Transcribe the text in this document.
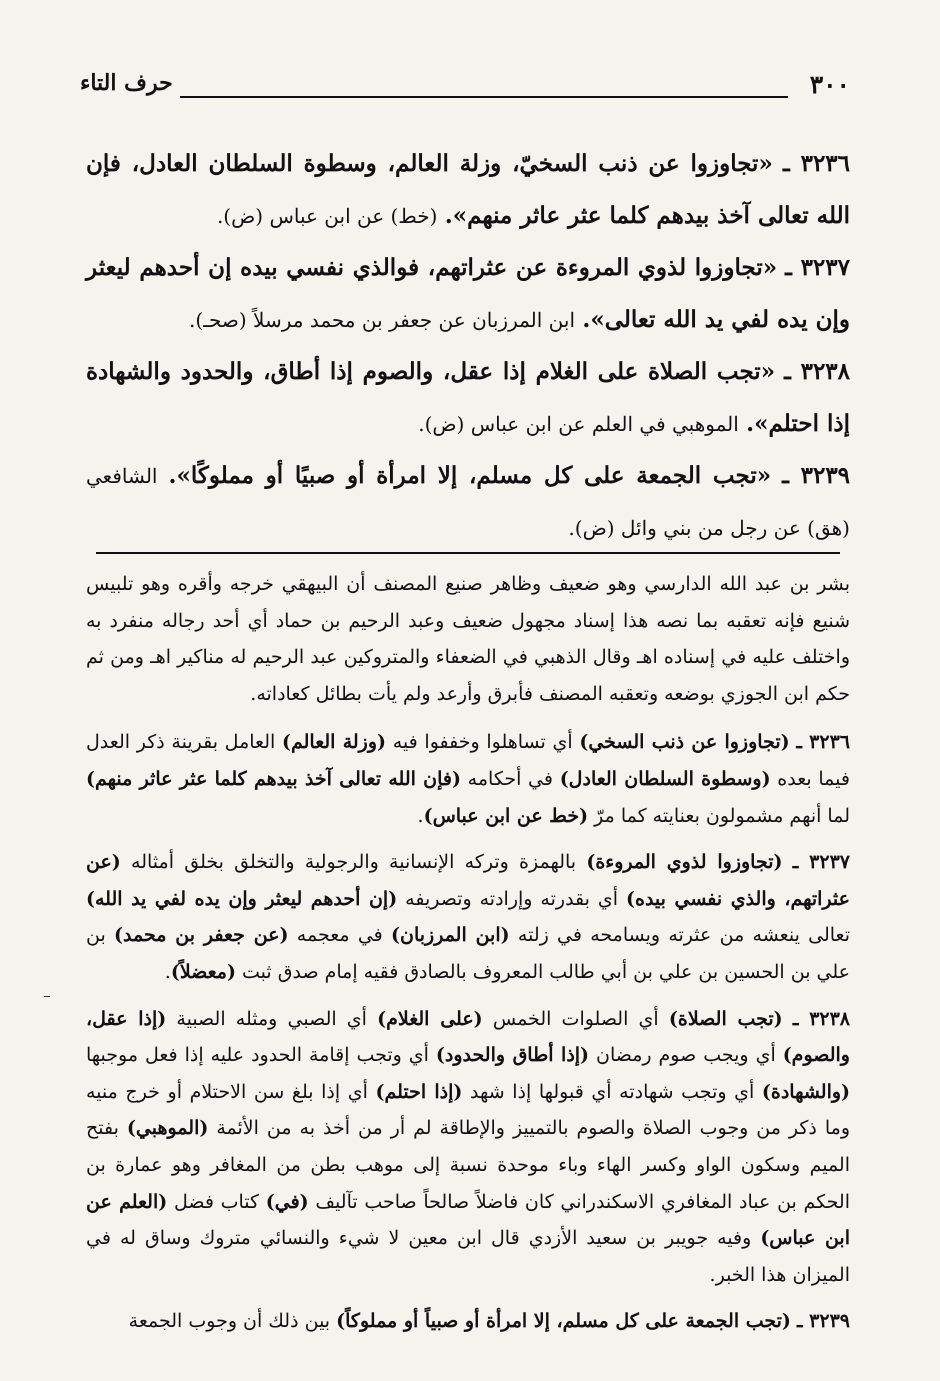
٣٠٠
حرف التاء

٣٢٣٦ ـ «تجاوزوا عن ذنب السخيّ، وزلة العالم، وسطوة السلطان العادل، فإن الله تعالى آخذ بيدهم كلما عثر عاثر منهم». (خط) عن ابن عباس (ض).

٣٢٣٧ ـ «تجاوزوا لذوي المروءة عن عثراتهم، فوالذي نفسي بيده إن أحدهم ليعثر وإن يده لفي يد الله تعالى». ابن المرزبان عن جعفر بن محمد مرسلاً (صحـ).

٣٢٣٨ ـ «تجب الصلاة على الغلام إذا عقل، والصوم إذا أطاق، والحدود والشهادة إذا احتلم». الموهبي في العلم عن ابن عباس (ض).

٣٢٣٩ ـ «تجب الجمعة على كل مسلم، إلا امرأة أو صبيًا أو مملوكًا». الشافعي (هق) عن رجل من بني وائل (ض).

بشر بن عبد الله الدارسي وهو ضعيف وظاهر صنيع المصنف أن البيهقي خرجه وأقره وهو تلبيس شنيع فإنه تعقبه بما نصه هذا إسناد مجهول ضعيف وعبد الرحيم بن حماد أي أحد رجاله منفرد به واختلف عليه في إسناده اهـ وقال الذهبي في الضعفاء والمتروكين عبد الرحيم له مناكير اهـ ومن ثم حكم ابن الجوزي بوضعه وتعقبه المصنف فأبرق وأرعد ولم يأت بطائل كعاداته.

٣٢٣٦ ـ (تجاوزوا عن ذنب السخي) أي تساهلوا وخففوا فيه (وزلة العالم) العامل بقرينة ذكر العدل فيما بعده (وسطوة السلطان العادل) في أحكامه (فإن الله تعالى آخذ بيدهم كلما عثر عاثر منهم) لما أنهم مشمولون بعنايته كما مرّ (خط عن ابن عباس).

٣٢٣٧ ـ (تجاوزوا لذوي المروءة) بالهمزة وتركه الإنسانية والرجولية والتخلق بخلق أمثاله (عن عثراتهم، والذي نفسي بيده) أي بقدرته وإرادته وتصريفه (إن أحدهم ليعثر وإن يده لفي يد الله) تعالى ينعشه من عثرته ويسامحه في زلته (ابن المرزبان) في معجمه (عن جعفر بن محمد) بن علي بن الحسين بن علي بن أبي طالب المعروف بالصادق فقيه إمام صدق ثبت (معضلاً).

٣٢٣٨ ـ (تجب الصلاة) أي الصلوات الخمس (على الغلام) أي الصبي ومثله الصبية (إذا عقل، والصوم) أي ويجب صوم رمضان (إذا أطاق والحدود) أي وتجب إقامة الحدود عليه إذا فعل موجبها (والشهادة) أي وتجب شهادته أي قبولها إذا شهد (إذا احتلم) أي إذا بلغ سن الاحتلام أو خرج منيه وما ذكر من وجوب الصلاة والصوم بالتمييز والإطاقة لم أر من أخذ به من الأئمة (الموهبي) بفتح الميم وسكون الواو وكسر الهاء وباء موحدة نسبة إلى موهب بطن من المغافر وهو عمارة بن الحكم بن عباد المغافري الاسكندراني كان فاضلاً صالحاً صاحب تآليف (في) كتاب فضل (العلم عن ابن عباس) وفيه جويبر بن سعيد الأزدي قال ابن معين لا شيء والنسائي متروك وساق له في الميزان هذا الخبر.

٣٢٣٩ ـ (تجب الجمعة على كل مسلم، إلا امرأة أو صبياً أو مملوكاً) بين ذلك أن وجوب الجمعة
